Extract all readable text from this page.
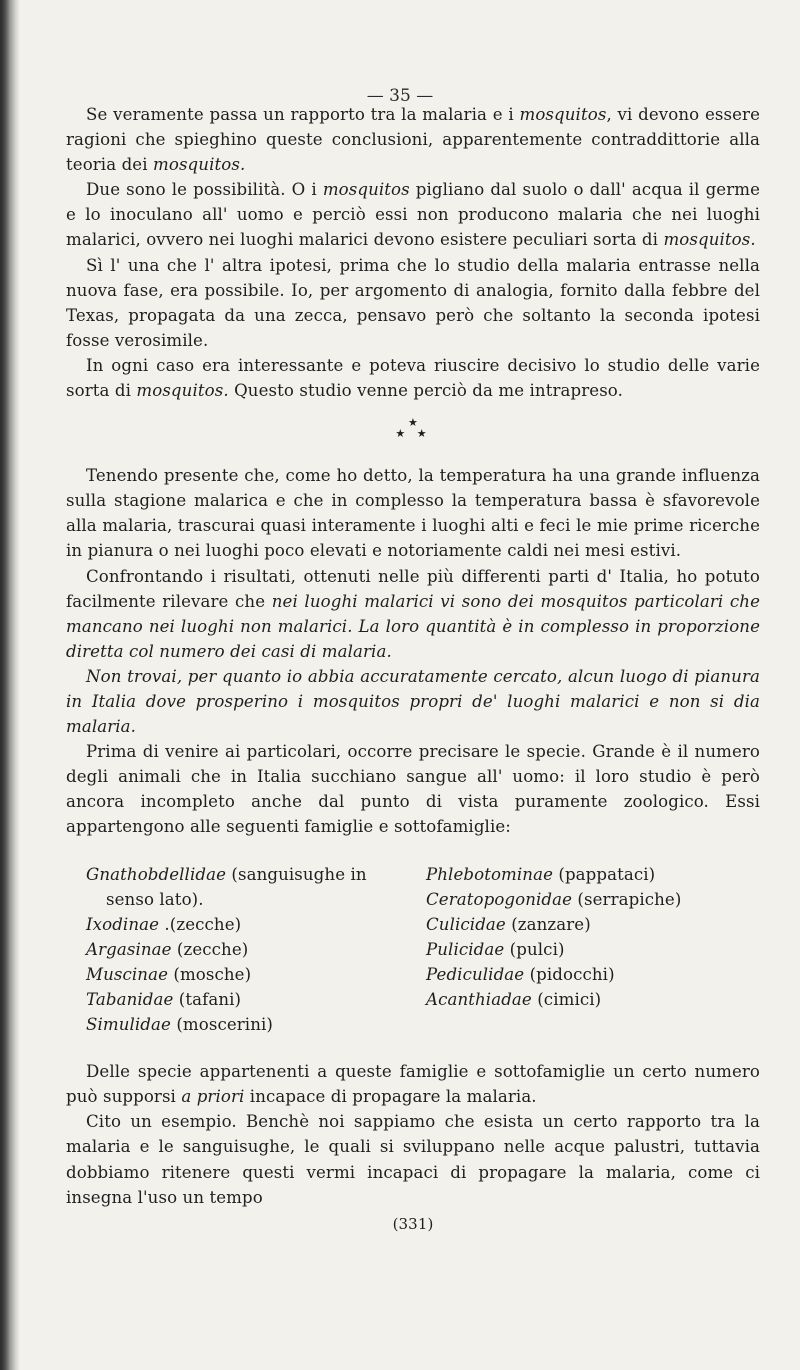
— 35 —

Se veramente passa un rapporto tra la malaria e i mosquitos, vi devono essere ragioni che spieghino queste conclusioni, apparentemente contraddittorie alla teoria dei mosquitos.

Due sono le possibilità. O i mosquitos pigliano dal suolo o dall' acqua il germe e lo inoculano all' uomo e perciò essi non producono malaria che nei luoghi malarici, ovvero nei luoghi malarici devono esistere peculiari sorta di mosquitos.

Sì l' una che l' altra ipotesi, prima che lo studio della malaria entrasse nella nuova fase, era possibile. Io, per argomento di analogia, fornito dalla febbre del Texas, propagata da una zecca, pensavo però che soltanto la seconda ipotesi fosse verosimile.

In ogni caso era interessante e poteva riuscire decisivo lo studio delle varie sorta di mosquitos. Questo studio venne perciò da me intrapreso.

★
★ ★

Tenendo presente che, come ho detto, la temperatura ha una grande influenza sulla stagione malarica e che in complesso la temperatura bassa è sfavorevole alla malaria, trascurai quasi interamente i luoghi alti e feci le mie prime ricerche in pianura o nei luoghi poco elevati e notoriamente caldi nei mesi estivi.

Confrontando i risultati, ottenuti nelle più differenti parti d' Italia, ho potuto facilmente rilevare che nei luoghi malarici vi sono dei mosquitos particolari che mancano nei luoghi non malarici. La loro quantità è in complesso in proporzione diretta col numero dei casi di malaria.

Non trovai, per quanto io abbia accuratamente cercato, alcun luogo di pianura in Italia dove prosperino i mosquitos propri de' luoghi malarici e non si dia malaria.

Prima di venire ai particolari, occorre precisare le specie. Grande è il numero degli animali che in Italia succhiano sangue all' uomo: il loro studio è però ancora incompleto anche dal punto di vista puramente zoologico. Essi appartengono alle seguenti famiglie e sottofamiglie:

Gnathobdellidae (sanguisughe in
senso lato).
Ixodinae .(zecche)
Argasinae (zecche)
Muscinae (mosche)
Tabanidae (tafani)
Simulidae (moscerini)
Phlebotominae (pappataci)
Ceratopogonidae (serrapiche)
Culicidae (zanzare)
Pulicidae (pulci)
Pediculidae (pidocchi)
Acanthiadae (cimici)

Delle specie appartenenti a queste famiglie e sottofamiglie un certo numero può supporsi a priori incapace di propagare la malaria.

Cito un esempio. Benchè noi sappiamo che esista un certo rapporto tra la malaria e le sanguisughe, le quali si sviluppano nelle acque palustri, tuttavia dobbiamo ritenere questi vermi incapaci di propagare la malaria, come ci insegna l'uso un tempo

(331)
